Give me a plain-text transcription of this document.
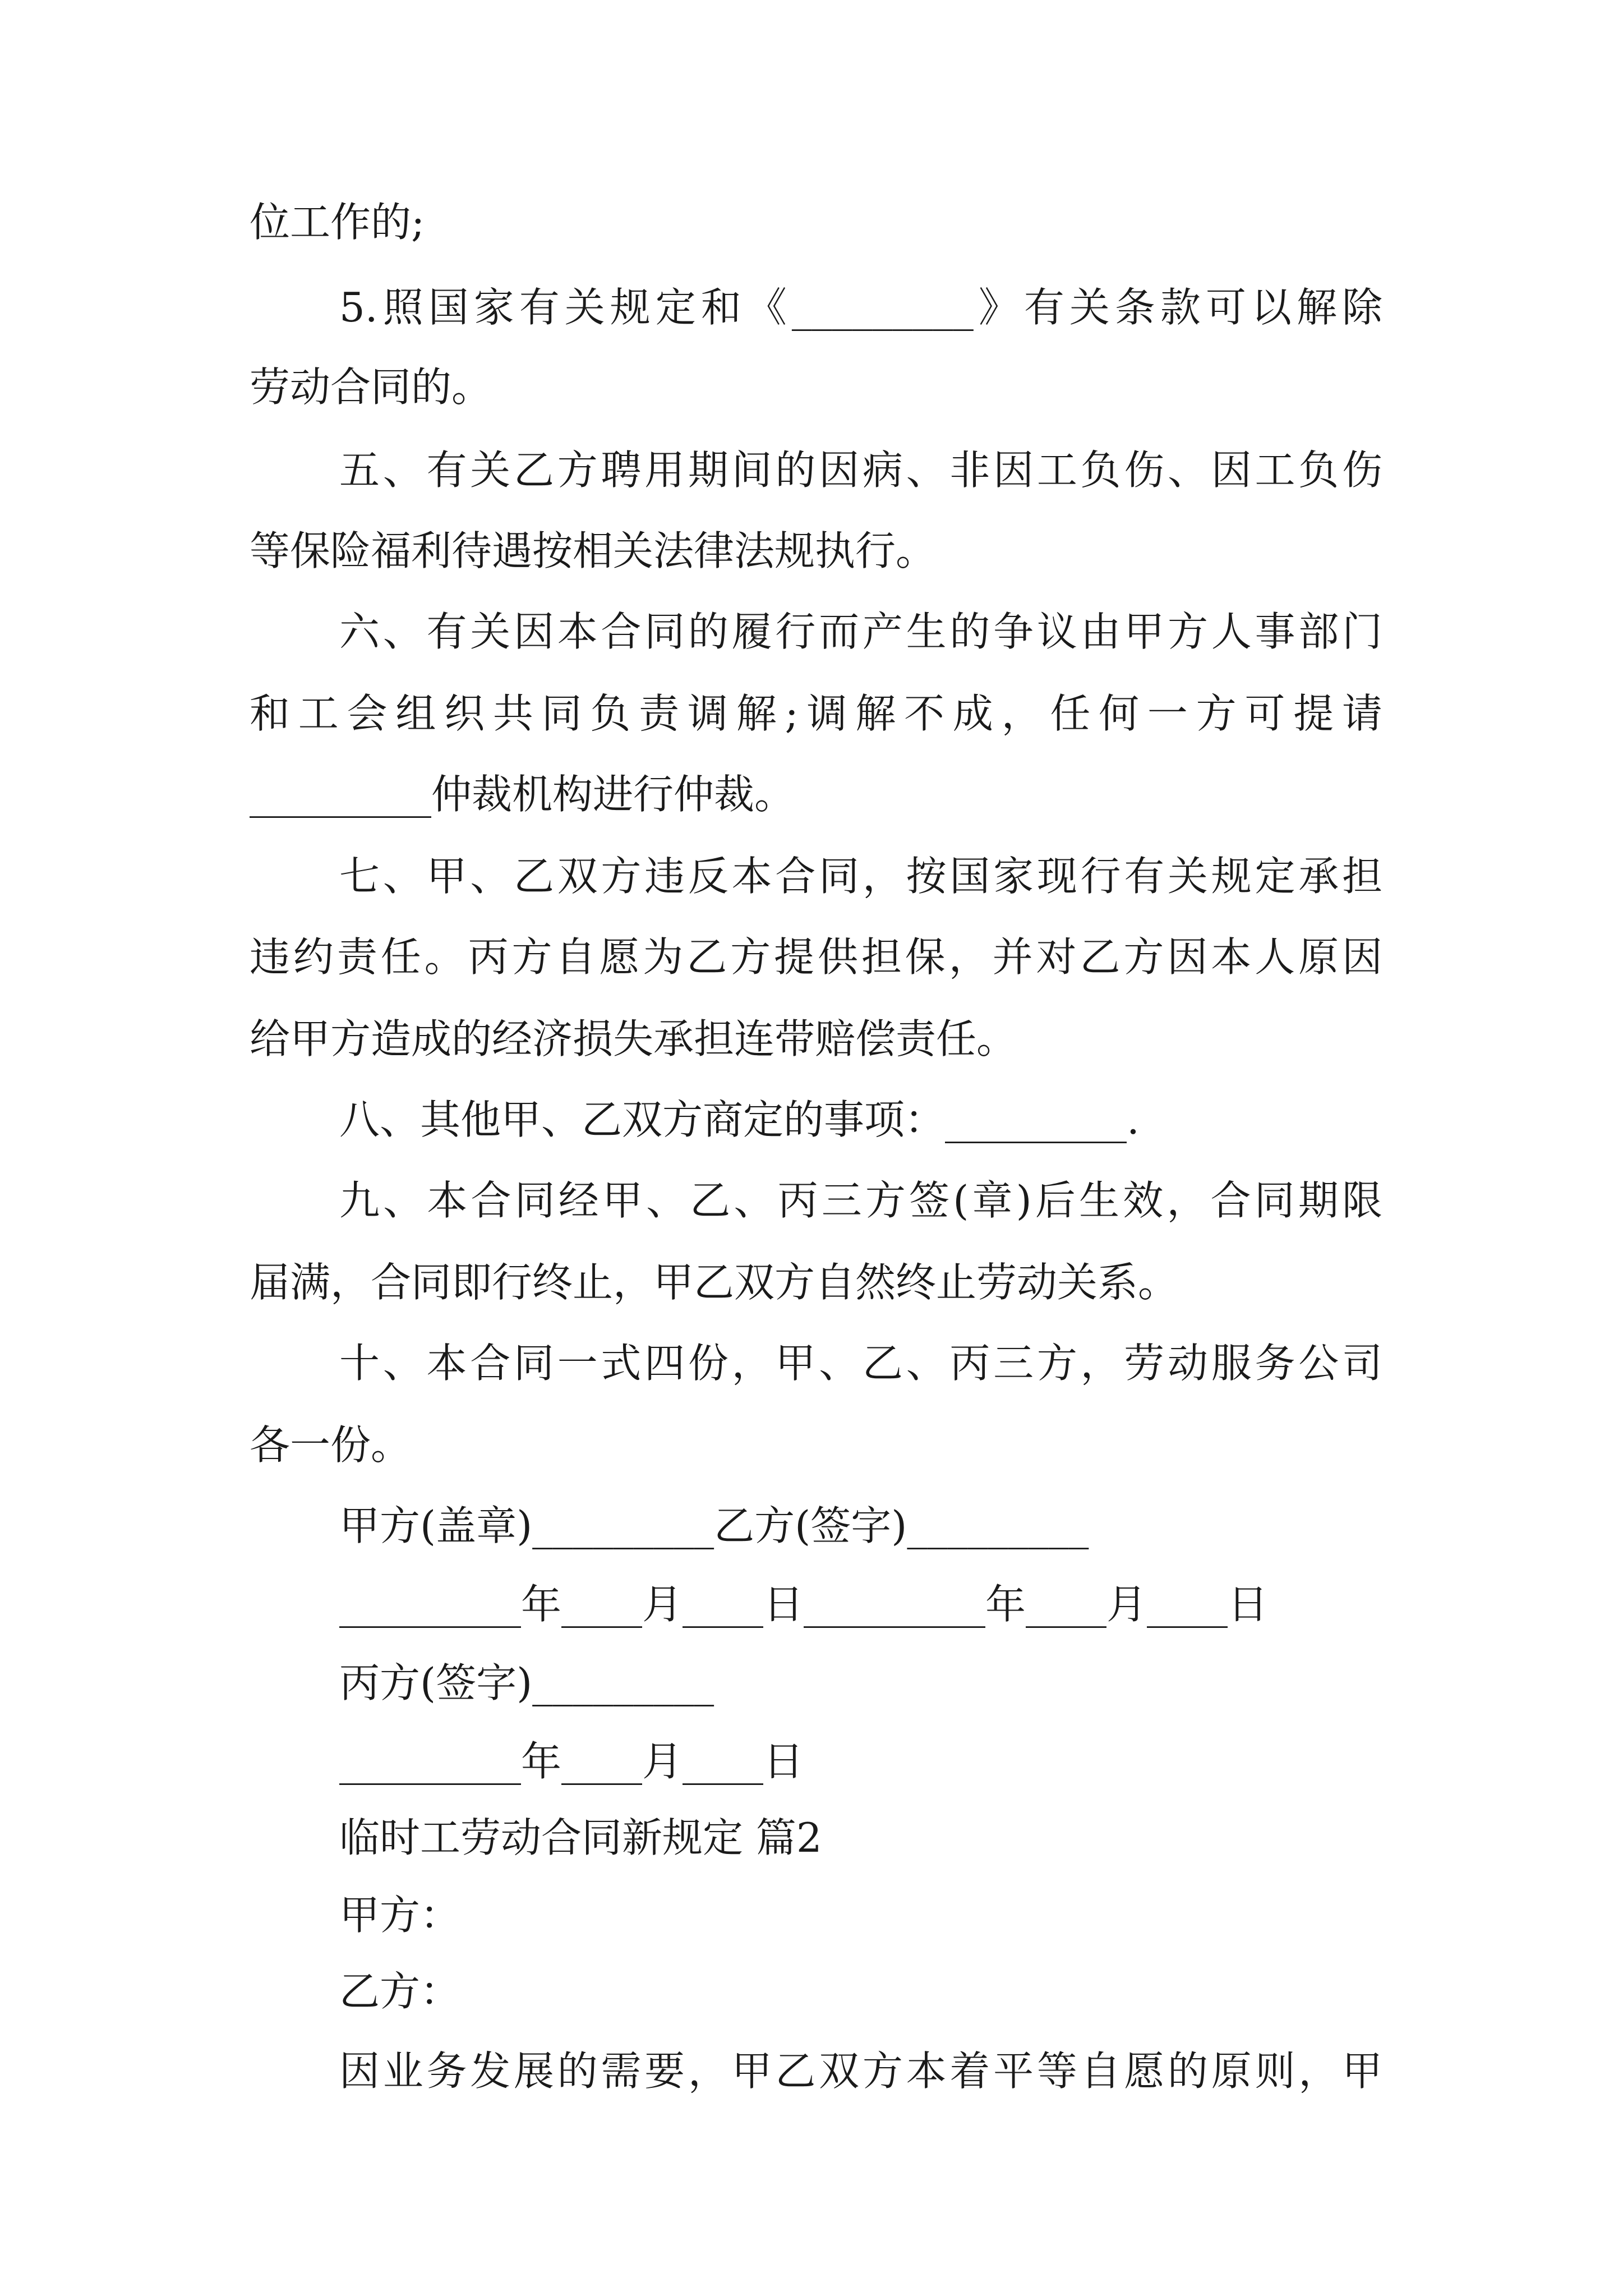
位工作的;
5.照国家有关规定和《_________》有关条款可以解除
劳动合同的。
五、有关乙方聘用期间的因病、非因工负伤、因工负伤
等保险福利待遇按相关法律法规执行。
六、有关因本合同的履行而产生的争议由甲方人事部门
和工会组织共同负责调解;调解不成，任何一方可提请
_________仲裁机构进行仲裁。
七、甲、乙双方违反本合同，按国家现行有关规定承担
违约责任。丙方自愿为乙方提供担保，并对乙方因本人原因
给甲方造成的经济损失承担连带赔偿责任。
八、其他甲、乙双方商定的事项：_________.
九、本合同经甲、乙、丙三方签(章)后生效，合同期限
届满，合同即行终止，甲乙双方自然终止劳动关系。
十、本合同一式四份，甲、乙、丙三方，劳动服务公司
各一份。
甲方(盖章)_________乙方(签字)_________
_________年____月____日_________年____月____日
丙方(签字)_________
_________年____月____日
临时工劳动合同新规定 篇2
甲方：
乙方：
因业务发展的需要，甲乙双方本着平等自愿的原则，甲
